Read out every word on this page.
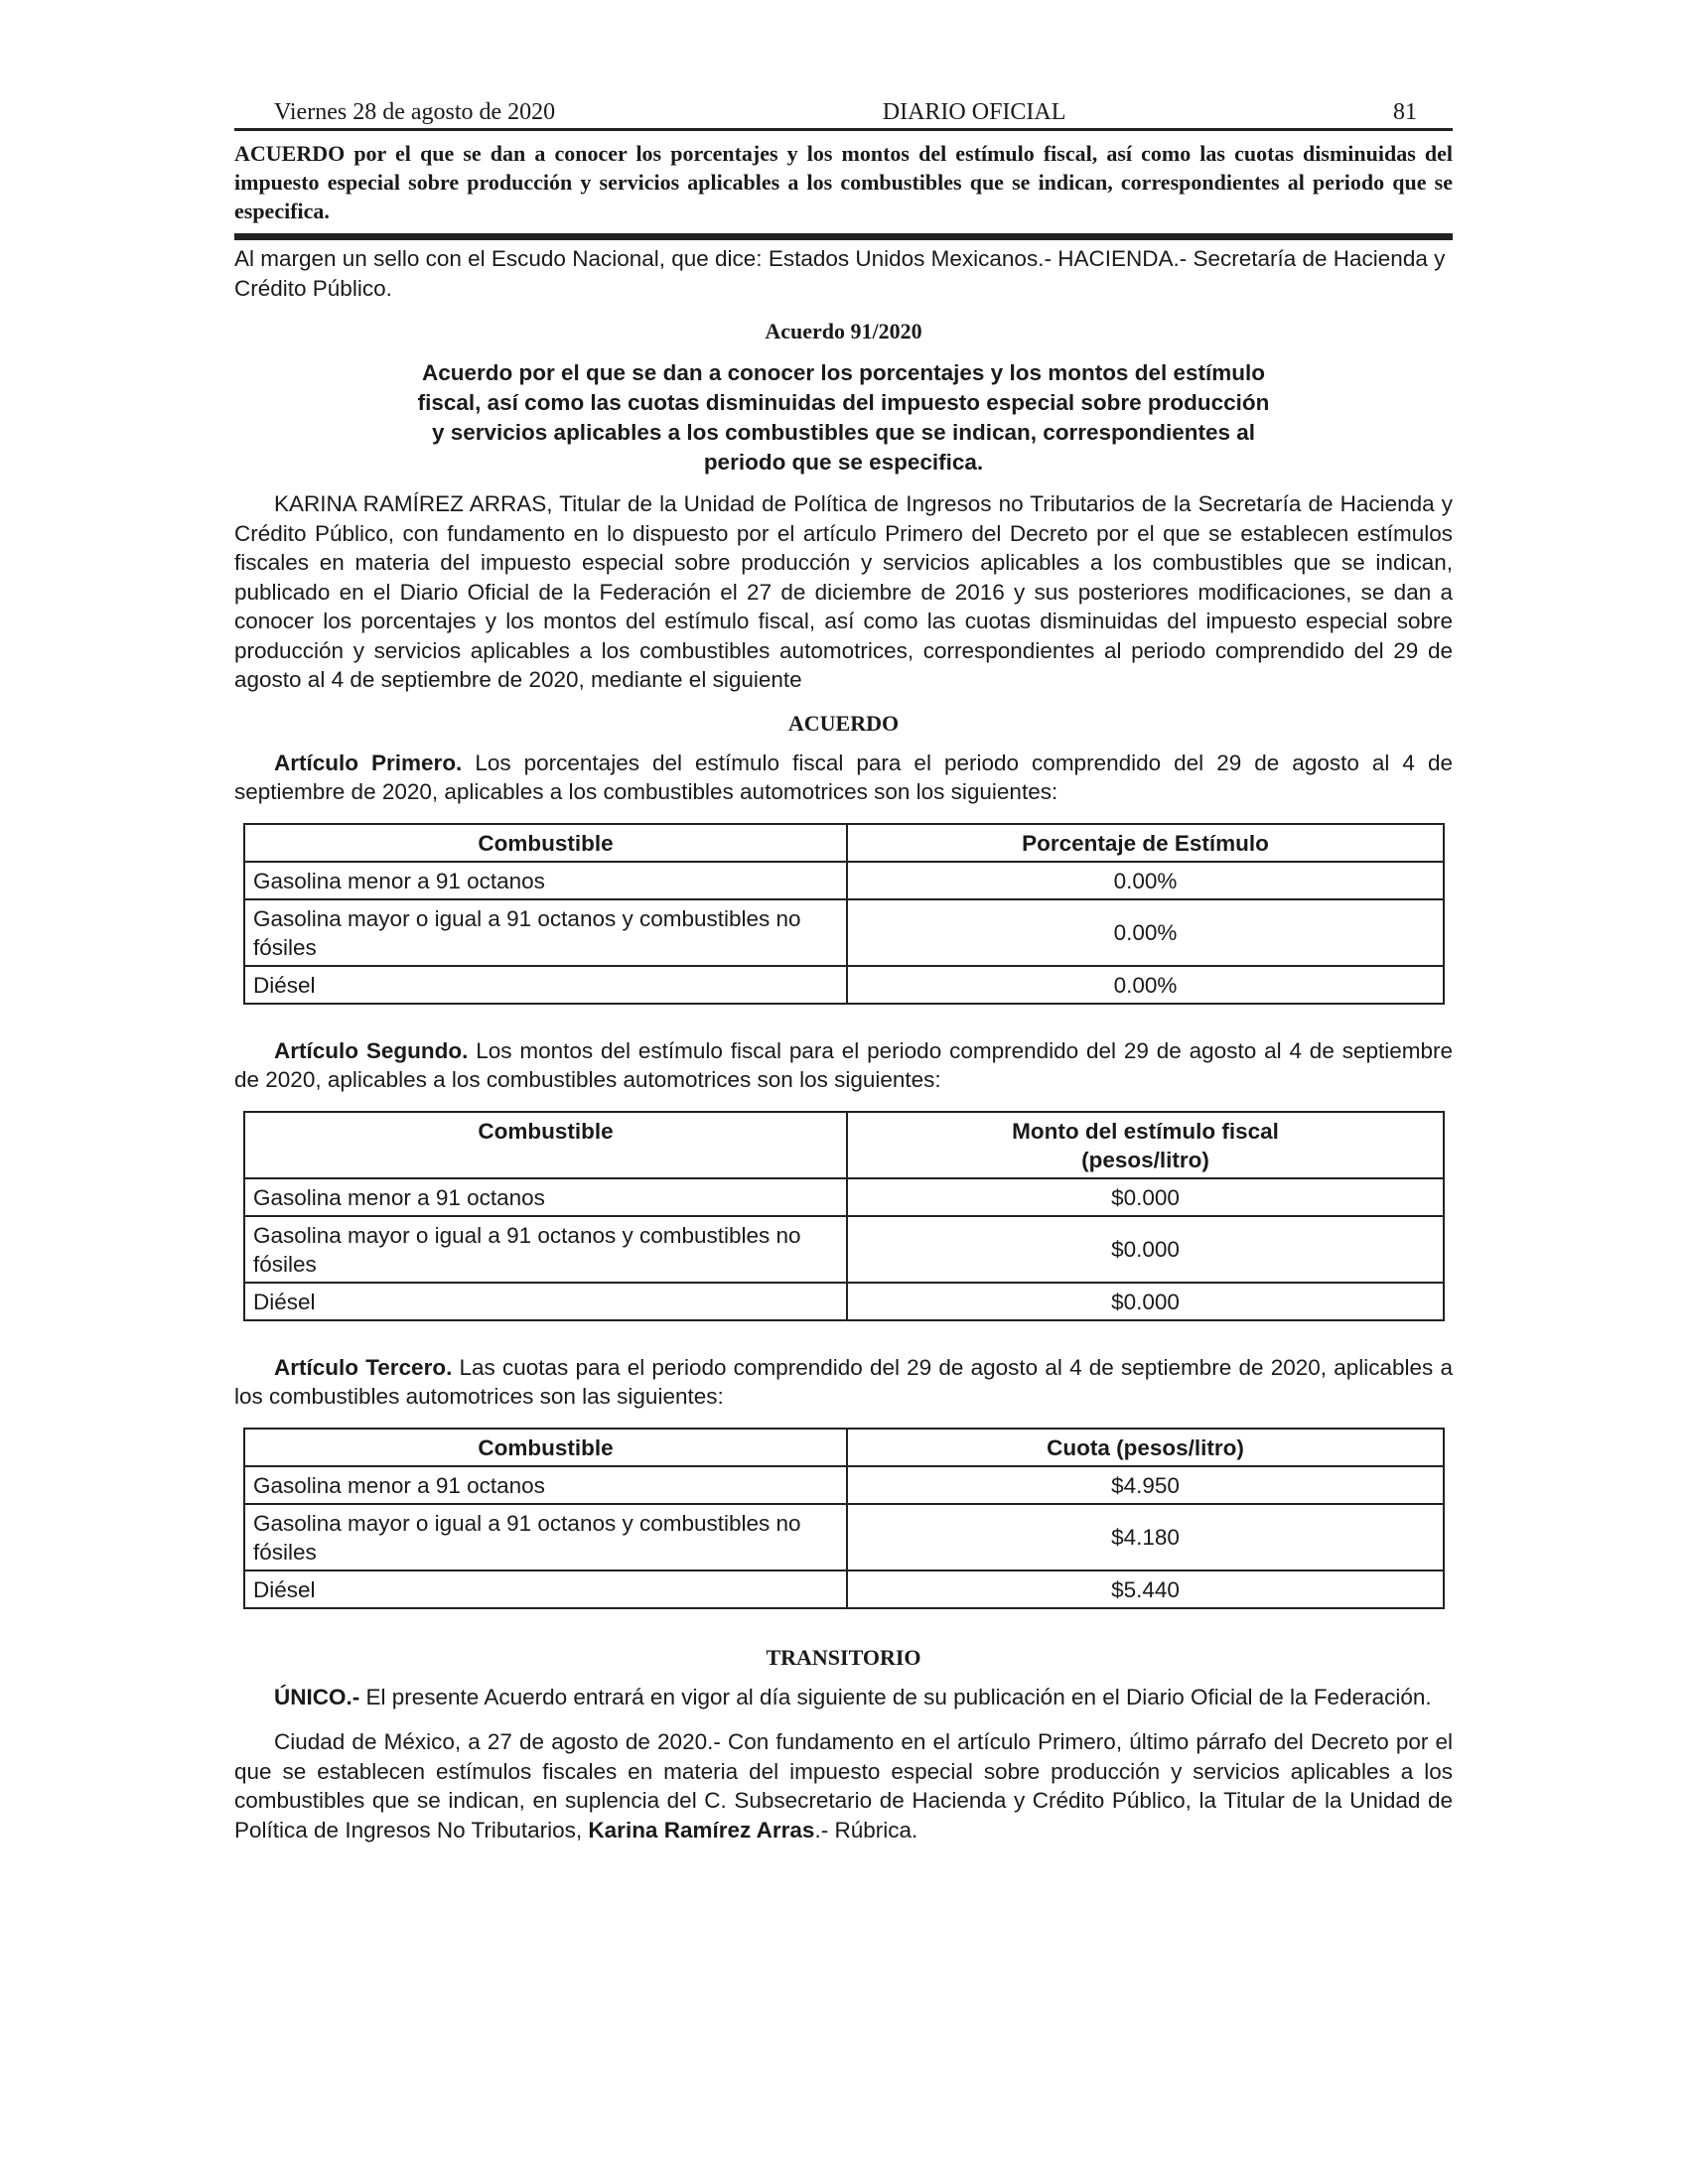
Viernes 28 de agosto de 2020	DIARIO OFICIAL	81
ACUERDO por el que se dan a conocer los porcentajes y los montos del estímulo fiscal, así como las cuotas disminuidas del impuesto especial sobre producción y servicios aplicables a los combustibles que se indican, correspondientes al periodo que se especifica.

Al margen un sello con el Escudo Nacional, que dice: Estados Unidos Mexicanos.- HACIENDA.- Secretaría de Hacienda y Crédito Público.

Acuerdo 91/2020
Acuerdo por el que se dan a conocer los porcentajes y los montos del estímulo fiscal, así como las cuotas disminuidas del impuesto especial sobre producción y servicios aplicables a los combustibles que se indican, correspondientes al periodo que se especifica.

KARINA RAMÍREZ ARRAS, Titular de la Unidad de Política de Ingresos no Tributarios de la Secretaría de Hacienda y Crédito Público, con fundamento en lo dispuesto por el artículo Primero del Decreto por el que se establecen estímulos fiscales en materia del impuesto especial sobre producción y servicios aplicables a los combustibles que se indican, publicado en el Diario Oficial de la Federación el 27 de diciembre de 2016 y sus posteriores modificaciones, se dan a conocer los porcentajes y los montos del estímulo fiscal, así como las cuotas disminuidas del impuesto especial sobre producción y servicios aplicables a los combustibles automotrices, correspondientes al periodo comprendido del 29 de agosto al 4 de septiembre de 2020, mediante el siguiente

ACUERDO

Artículo Primero. Los porcentajes del estímulo fiscal para el periodo comprendido del 29 de agosto al 4 de septiembre de 2020, aplicables a los combustibles automotrices son los siguientes:

Combustible	Porcentaje de Estímulo
Gasolina menor a 91 octanos	0.00%
Gasolina mayor o igual a 91 octanos y combustibles no fósiles	0.00%
Diésel	0.00%

Artículo Segundo. Los montos del estímulo fiscal para el periodo comprendido del 29 de agosto al 4 de septiembre de 2020, aplicables a los combustibles automotrices son los siguientes:

Combustible	Monto del estímulo fiscal (pesos/litro)
Gasolina menor a 91 octanos	$0.000
Gasolina mayor o igual a 91 octanos y combustibles no fósiles	$0.000
Diésel	$0.000

Artículo Tercero. Las cuotas para el periodo comprendido del 29 de agosto al 4 de septiembre de 2020, aplicables a los combustibles automotrices son las siguientes:

Combustible	Cuota (pesos/litro)
Gasolina menor a 91 octanos	$4.950
Gasolina mayor o igual a 91 octanos y combustibles no fósiles	$4.180
Diésel	$5.440
TRANSITORIO

ÚNICO.- El presente Acuerdo entrará en vigor al día siguiente de su publicación en el Diario Oficial de la Federación.

Ciudad de México, a 27 de agosto de 2020.- Con fundamento en el artículo Primero, último párrafo del Decreto por el que se establecen estímulos fiscales en materia del impuesto especial sobre producción y servicios aplicables a los combustibles que se indican, en suplencia del C. Subsecretario de Hacienda y Crédito Público, la Titular de la Unidad de Política de Ingresos No Tributarios, Karina Ramírez Arras.- Rúbrica.
